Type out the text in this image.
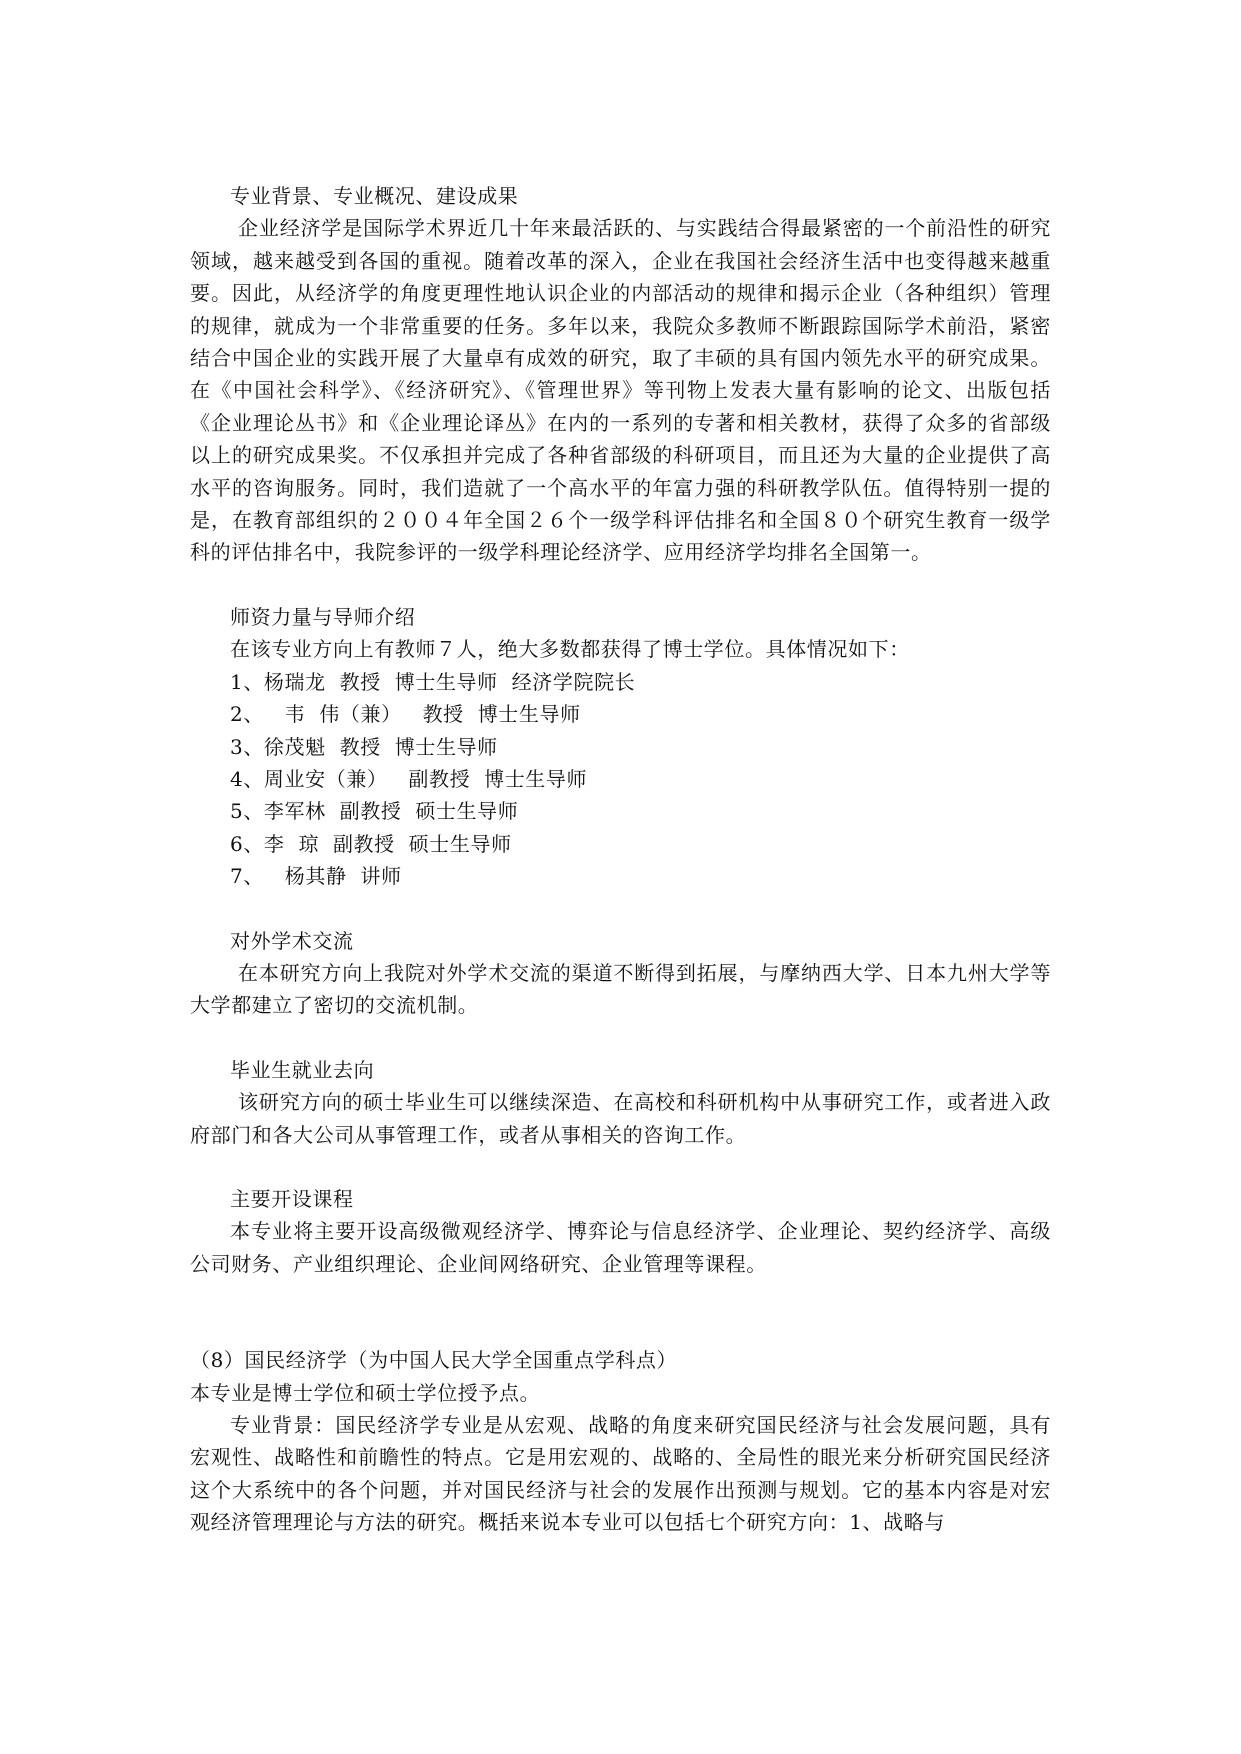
专业背景、专业概况、建设成果

企业经济学是国际学术界近几十年来最活跃的、与实践结合得最紧密的一个前沿性的研究领域，越来越受到各国的重视。随着改革的深入，企业在我国社会经济生活中也变得越来越重要。因此，从经济学的角度更理性地认识企业的内部活动的规律和揭示企业（各种组织）管理的规律，就成为一个非常重要的任务。多年以来，我院众多教师不断跟踪国际学术前沿，紧密结合中国企业的实践开展了大量卓有成效的研究，取了丰硕的具有国内领先水平的研究成果。在《中国社会科学》、《经济研究》、《管理世界》等刊物上发表大量有影响的论文、出版包括《企业理论丛书》和《企业理论译丛》在内的一系列的专著和相关教材，获得了众多的省部级以上的研究成果奖。不仅承担并完成了各种省部级的科研项目，而且还为大量的企业提供了高水平的咨询服务。同时，我们造就了一个高水平的年富力强的科研教学队伍。值得特别一提的是，在教育部组织的２００４年全国２６个一级学科评估排名和全国８０个研究生教育一级学科的评估排名中，我院参评的一级学科理论经济学、应用经济学均排名全国第一。

师资力量与导师介绍

在该专业方向上有教师７人，绝大多数都获得了博士学位。具体情况如下：

1、杨瑞龙  教授  博士生导师  经济学院院长

2、   韦  伟（兼）   教授  博士生导师

3、徐茂魁  教授  博士生导师

4、周业安（兼）   副教授  博士生导师

5、李军林  副教授  硕士生导师

6、李  琼  副教授  硕士生导师

7、   杨其静  讲师

对外学术交流

在本研究方向上我院对外学术交流的渠道不断得到拓展，与摩纳西大学、日本九州大学等大学都建立了密切的交流机制。

毕业生就业去向

该研究方向的硕士毕业生可以继续深造、在高校和科研机构中从事研究工作，或者进入政府部门和各大公司从事管理工作，或者从事相关的咨询工作。

主要开设课程

本专业将主要开设高级微观经济学、博弈论与信息经济学、企业理论、契约经济学、高级公司财务、产业组织理论、企业间网络研究、企业管理等课程。

（8）国民经济学（为中国人民大学全国重点学科点）

本专业是博士学位和硕士学位授予点。

专业背景：国民经济学专业是从宏观、战略的角度来研究国民经济与社会发展问题，具有宏观性、战略性和前瞻性的特点。它是用宏观的、战略的、全局性的眼光来分析研究国民经济这个大系统中的各个问题，并对国民经济与社会的发展作出预测与规划。它的基本内容是对宏观经济管理理论与方法的研究。概括来说本专业可以包括七个研究方向：1、战略与
